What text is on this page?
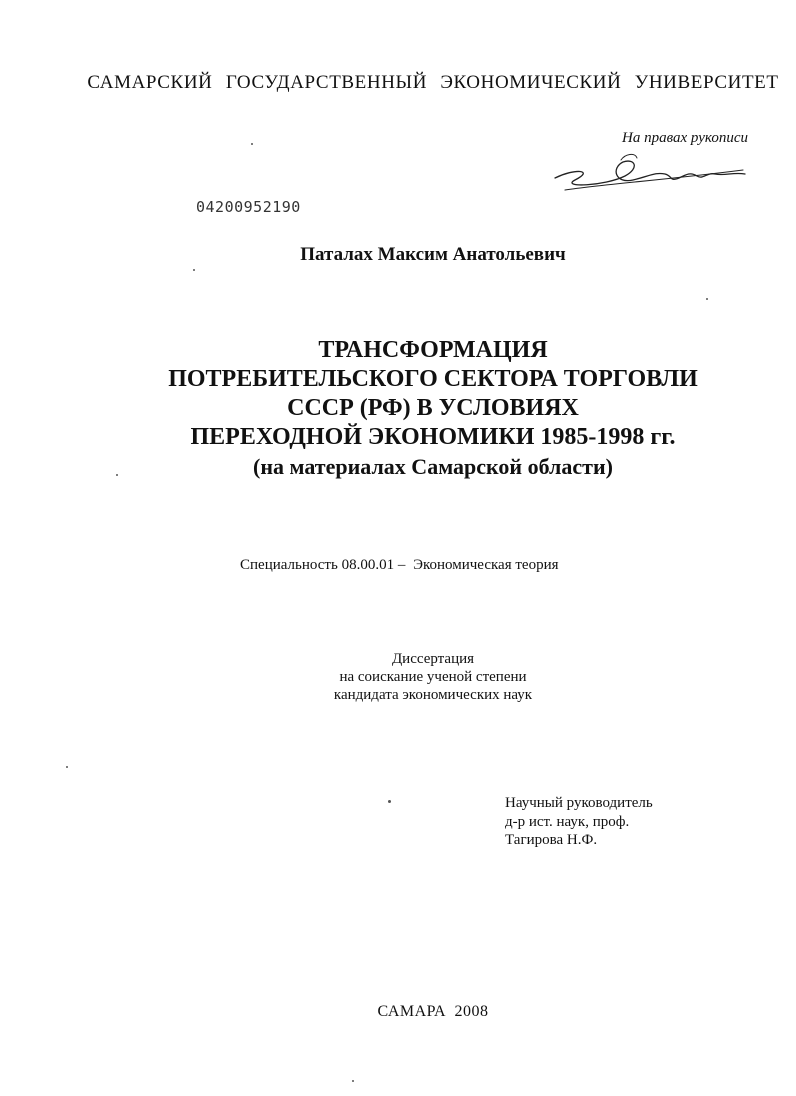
САМАРСКИЙ ГОСУДАРСТВЕННЫЙ ЭКОНОМИЧЕСКИЙ УНИВЕРСИТЕТ
На правах рукописи
04200952190
Паталах Максим Анатольевич
ТРАНСФОРМАЦИЯ
ПОТРЕБИТЕЛЬСКОГО СЕКТОРА ТОРГОВЛИ
СССР (РФ) В УСЛОВИЯХ
ПЕРЕХОДНОЙ ЭКОНОМИКИ 1985-1998 гг.
(на материалах Самарской области)
Специальность 08.00.01 – Экономическая теория
Диссертация
на соискание ученой степени
кандидата экономических наук
Научный руководитель
д-р ист. наук, проф.
Тагирова Н.Ф.
САМАРА 2008
